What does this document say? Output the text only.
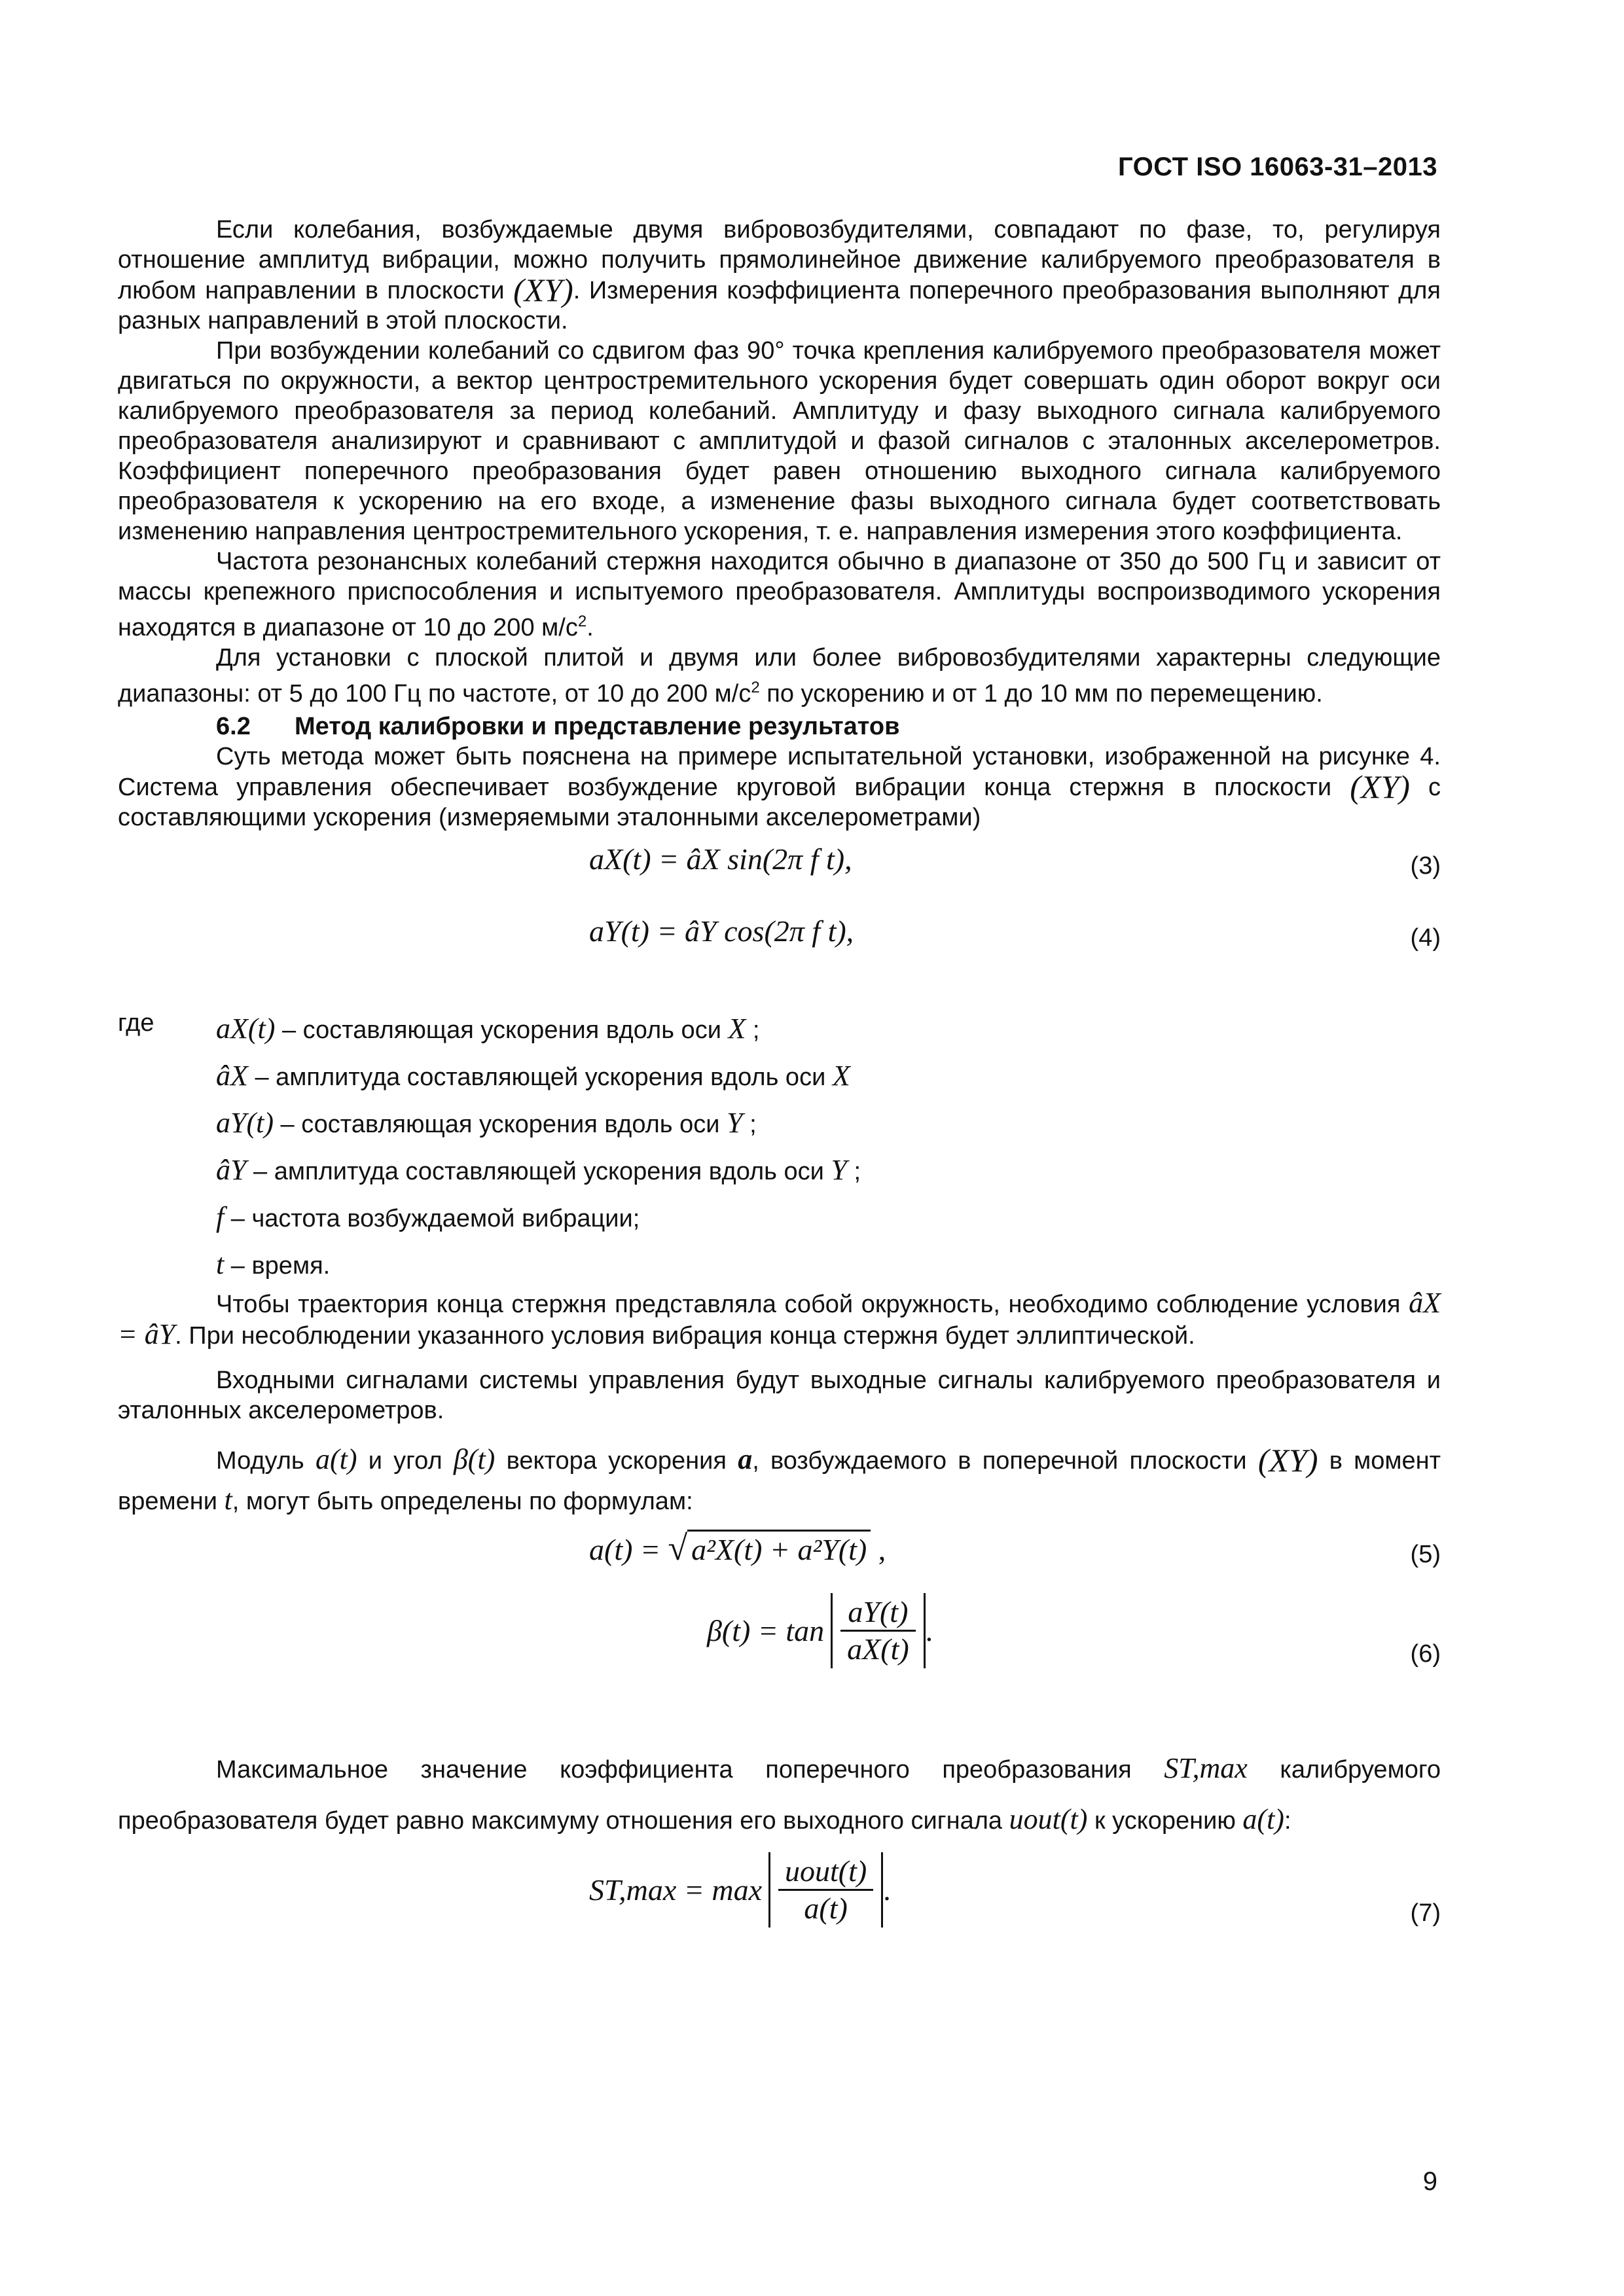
ГОСТ ISO 16063-31–2013

Если колебания, возбуждаемые двумя вибровозбудителями, совпадают по фазе, то, регулируя отношение амплитуд вибрации, можно получить прямолинейное движение калибруемого преобразователя в любом направлении в плоскости (XY). Измерения коэффициента поперечного преобразования выполняют для разных направлений в этой плоскости.

При возбуждении колебаний со сдвигом фаз 90° точка крепления калибруемого преобразователя может двигаться по окружности, а вектор центростремительного ускорения будет совершать один оборот вокруг оси калибруемого преобразователя за период колебаний. Амплитуду и фазу выходного сигнала калибруемого преобразователя анализируют и сравнивают с амплитудой и фазой сигналов с эталонных акселерометров. Коэффициент поперечного преобразования будет равен отношению выходного сигнала калибруемого преобразователя к ускорению на его входе, а изменение фазы выходного сигнала будет соответствовать изменению направления центростремительного ускорения, т. е. направления измерения этого коэффициента.

Частота резонансных колебаний стержня находится обычно в диапазоне от 350 до 500 Гц и зависит от массы крепежного приспособления и испытуемого преобразователя. Амплитуды воспроизводимого ускорения находятся в диапазоне от 10 до 200 $м/с^2$.

Для установки с плоской плитой и двумя или более вибровозбудителями характерны следующие диапазоны: от 5 до 100 Гц по частоте, от 10 до 200 $м/с^2$ по ускорению и от 1 до 10 мм по перемещению.

6.2 Метод калибровки и представление результатов

Суть метода может быть пояснена на примере испытательной установки, изображенной на рисунке 4. Система управления обеспечивает возбуждение круговой вибрации конца стержня в плоскости (XY) с составляющими ускорения (измеряемыми эталонными акселерометрами)

aX(t) = âX sin(2π f t),	(3)
aY(t) = âY cos(2π f t),	(4)
где aX(t) – составляющая ускорения вдоль оси X ;
âX – амплитуда составляющей ускорения вдоль оси X
aY(t) – составляющая ускорения вдоль оси Y ;
âY – амплитуда составляющей ускорения вдоль оси Y ;
f – частота возбуждаемой вибрации;
t – время.

Чтобы траектория конца стержня представляла собой окружность, необходимо соблюдение условия âX = âY. При несоблюдении указанного условия вибрация конца стержня будет эллиптической.

Входными сигналами системы управления будут выходные сигналы калибруемого преобразователя и эталонных акселерометров.

Модуль a(t) и угол β(t) вектора ускорения a, возбуждаемого в поперечной плоскости (XY) в момент времени t, могут быть определены по формулам:

a(t) = √ a²X(t) + a²Y(t) ,	(5)
$\beta(t) = \tan \frac{aY(t)}{aX(t)}$ .
(6)

Максимальное значение коэффициента поперечного преобразования ST,max калибруемого преобразователя будет равно максимуму отношения его выходного сигнала uout(t) к ускорению a(t):

$ST,\max = \max \frac{\text{uout(t)}}{a(t)}$ .
(7)
9
